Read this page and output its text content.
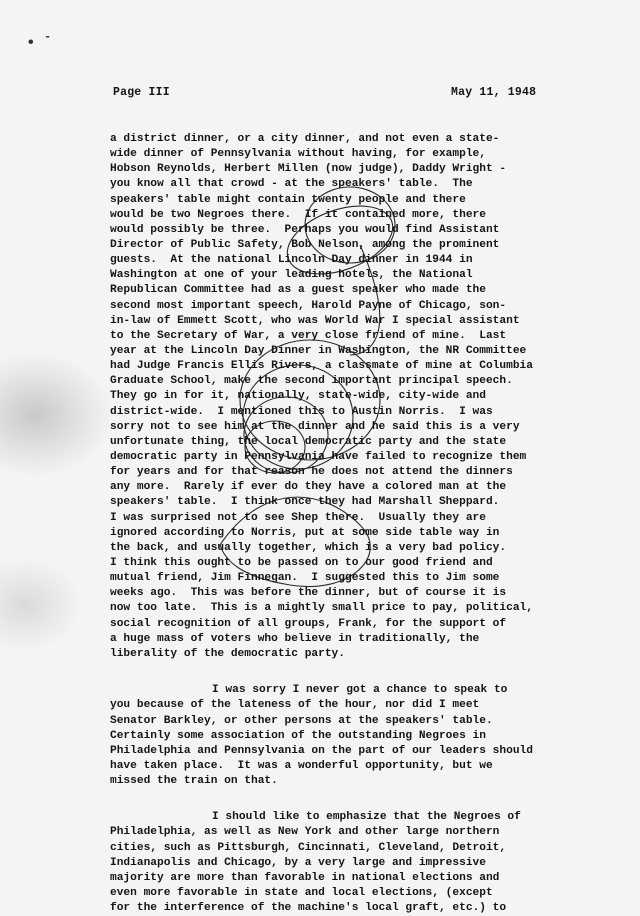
• ‐
Page III	May 11, 1948
a district dinner, or a city dinner, and not even a state-
wide dinner of Pennsylvania without having, for example,
Hobson Reynolds, Herbert Millen (now judge), Daddy Wright -
you know all that crowd - at the speakers' table.  The
speakers' table might contain twenty people and there
would be two Negroes there.  If it contained more, there
would possibly be three.  Perhaps you would find Assistant
Director of Public Safety, Bob Nelson, among the prominent
guests.  At the national Lincoln Day dinner in 1944 in
Washington at one of your leading hotels, the National
Republican Committee had as a guest speaker who made the
second most important speech, Harold Payne of Chicago, son-
in-law of Emmett Scott, who was World War I special assistant
to the Secretary of War, a very close friend of mine.  Last
year at the Lincoln Day Dinner in Washington, the NR Committee
had Judge Francis Ellis Rivers, a classmate of mine at Columbia
Graduate School, make the second important principal speech.
They go in for it, nationally, state-wide, city-wide and
district-wide.  I mentioned this to Austin Norris.  I was
sorry not to see him at the dinner and he said this is a very
unfortunate thing, the local democratic party and the state
democratic party in Pennsylvania have failed to recognize them
for years and for that reason he does not attend the dinners
any more.  Rarely if ever do they have a colored man at the
speakers' table.  I think once they had Marshall Sheppard.
I was surprised not to see Shep there.  Usually they are
ignored according to Norris, put at some side table way in
the back, and usually together, which is a very bad policy.
I think this ought to be passed on to our good friend and
mutual friend, Jim Finnegan.  I suggested this to Jim some
weeks ago.  This was before the dinner, but of course it is
now too late.  This is a mightly small price to pay, political,
social recognition of all groups, Frank, for the support of
a huge mass of voters who believe in traditionally, the
liberality of the democratic party.
I was sorry I never got a chance to speak to
you because of the lateness of the hour, nor did I meet
Senator Barkley, or other persons at the speakers' table.
Certainly some association of the outstanding Negroes in
Philadelphia and Pennsylvania on the part of our leaders should
have taken place.  It was a wonderful opportunity, but we
missed the train on that.
I should like to emphasize that the Negroes of
Philadelphia, as well as New York and other large northern
cities, such as Pittsburgh, Cincinnati, Cleveland, Detroit,
Indianapolis and Chicago, by a very large and impressive
majority are more than favorable in national elections and
even more favorable in state and local elections, (except
for the interference of the machine's local graft, etc.) to
